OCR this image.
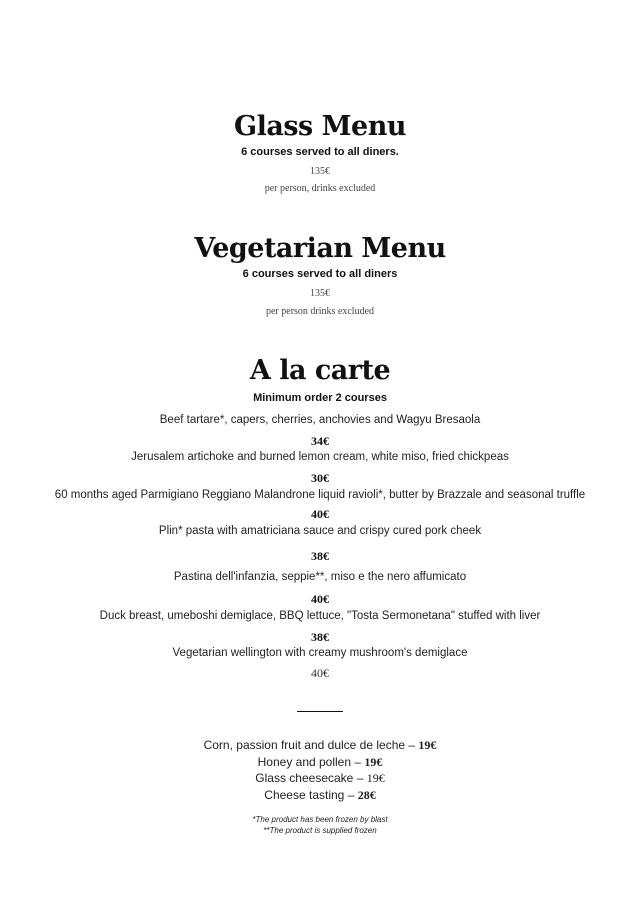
Glass Menu
6 courses served to all diners.
135€
per person, drinks excluded
Vegetarian Menu
6 courses served to all diners
135€
per person drinks excluded
A la carte
Minimum order 2 courses
Beef tartare*, capers, cherries, anchovies and Wagyu Bresaola
34€
Jerusalem artichoke and burned lemon cream, white miso, fried chickpeas
30€
60 months aged Parmigiano Reggiano Malandrone liquid ravioli*, butter by Brazzale and seasonal truffle
40€
Plin* pasta with amatriciana sauce and crispy cured pork cheek
38€
Pastina dell'infanzia, seppie**, miso e the nero affumicato
40€
Duck breast, umeboshi demiglace, BBQ lettuce, "Tosta Sermonetana" stuffed with liver
38€
Vegetarian wellington with creamy mushroom's demiglace
40€
Corn, passion fruit and dulce de leche – 19€
Honey and pollen – 19€
Glass cheesecake – 19€
Cheese tasting – 28€
*The product has been frozen by blast
**The product is supplied frozen
